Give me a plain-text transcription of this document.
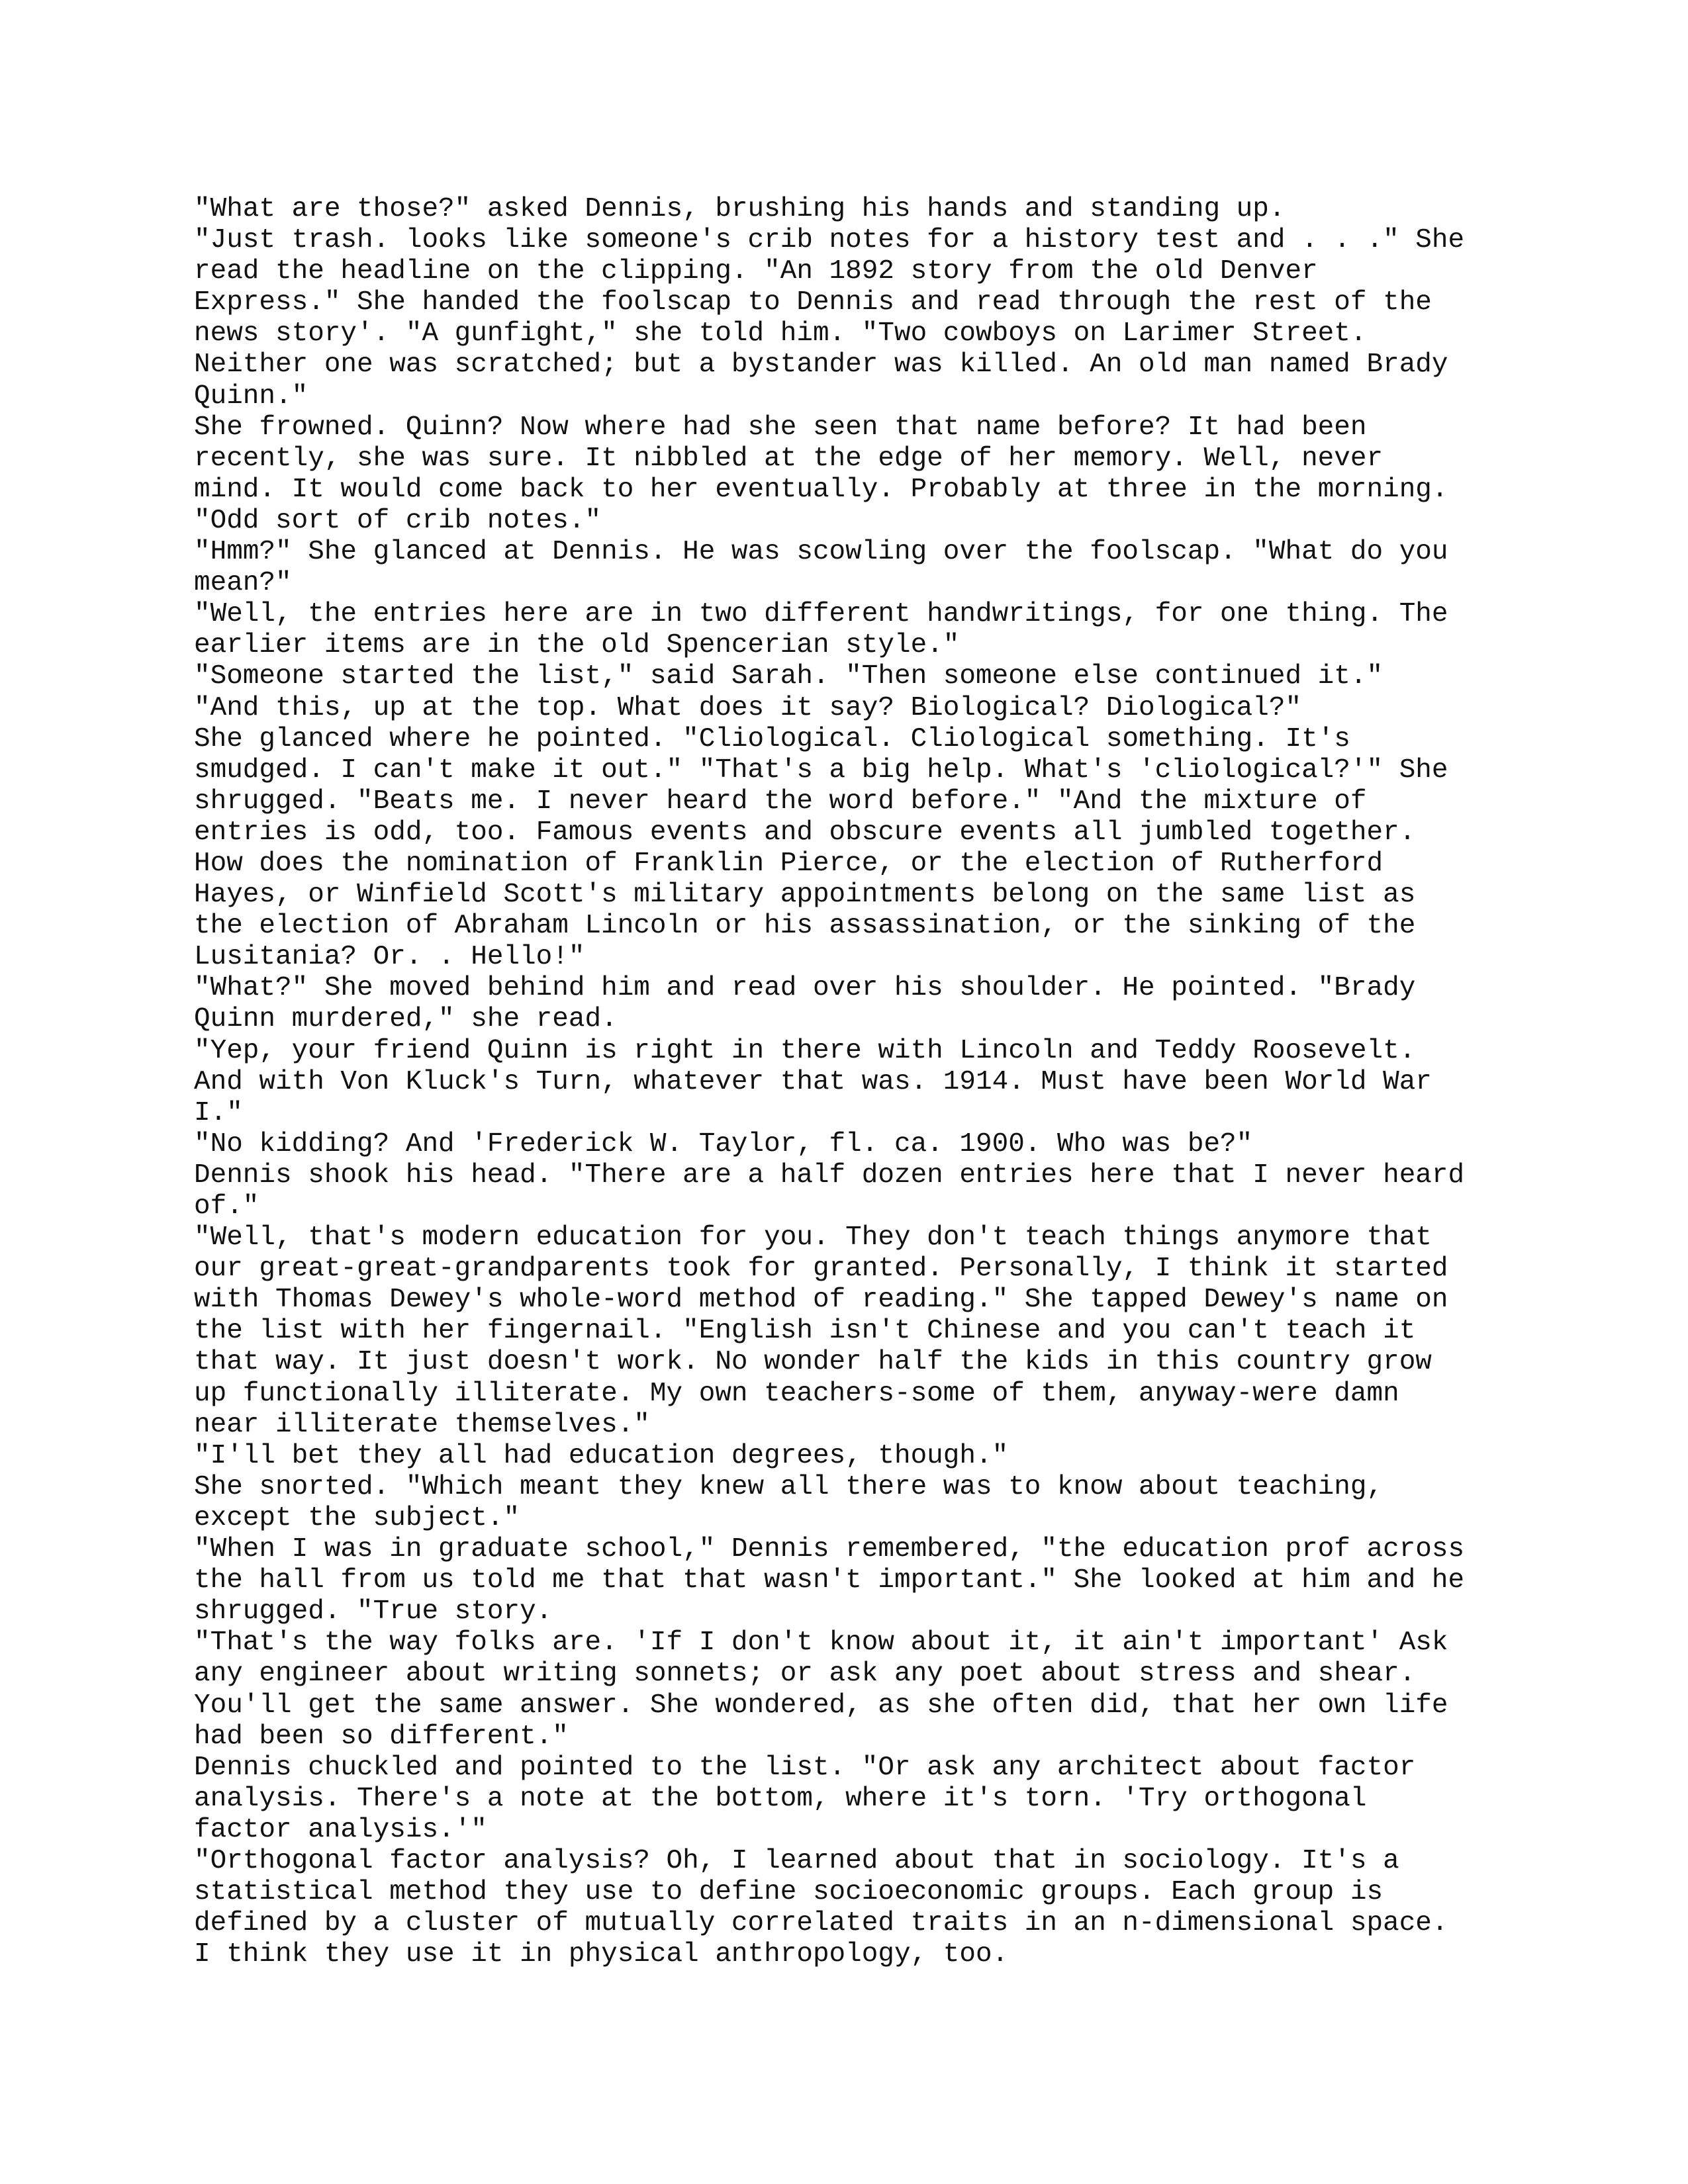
"What are those?" asked Dennis, brushing his hands and standing up.
"Just trash. looks like someone's crib notes for a history test and . . ." She
read the headline on the clipping. "An 1892 story from the old Denver
Express." She handed the foolscap to Dennis and read through the rest of the
news story'. "A gunfight," she told him. "Two cowboys on Larimer Street.
Neither one was scratched; but a bystander was killed. An old man named Brady
Quinn."
She frowned. Quinn? Now where had she seen that name before? It had been
recently, she was sure. It nibbled at the edge of her memory. Well, never
mind. It would come back to her eventually. Probably at three in the morning.
"Odd sort of crib notes."
"Hmm?" She glanced at Dennis. He was scowling over the foolscap. "What do you
mean?"
"Well, the entries here are in two different handwritings, for one thing. The
earlier items are in the old Spencerian style."
"Someone started the list," said Sarah. "Then someone else continued it."
"And this, up at the top. What does it say? Biological? Diological?"
She glanced where he pointed. "Cliological. Cliological something. It's
smudged. I can't make it out." "That's a big help. What's 'cliological?'" She
shrugged. "Beats me. I never heard the word before." "And the mixture of
entries is odd, too. Famous events and obscure events all jumbled together.
How does the nomination of Franklin Pierce, or the election of Rutherford
Hayes, or Winfield Scott's military appointments belong on the same list as
the election of Abraham Lincoln or his assassination, or the sinking of the
Lusitania? Or. . Hello!"
"What?" She moved behind him and read over his shoulder. He pointed. "Brady
Quinn murdered," she read.
"Yep, your friend Quinn is right in there with Lincoln and Teddy Roosevelt.
And with Von Kluck's Turn, whatever that was. 1914. Must have been World War
I."
"No kidding? And 'Frederick W. Taylor, fl. ca. 1900. Who was be?"
Dennis shook his head. "There are a half dozen entries here that I never heard
of."
"Well, that's modern education for you. They don't teach things anymore that
our great-great-grandparents took for granted. Personally, I think it started
with Thomas Dewey's whole-word method of reading." She tapped Dewey's name on
the list with her fingernail. "English isn't Chinese and you can't teach it
that way. It just doesn't work. No wonder half the kids in this country grow
up functionally illiterate. My own teachers-some of them, anyway-were damn
near illiterate themselves."
"I'll bet they all had education degrees, though."
She snorted. "Which meant they knew all there was to know about teaching,
except the subject."
"When I was in graduate school," Dennis remembered, "the education prof across
the hall from us told me that that wasn't important." She looked at him and he
shrugged. "True story.
"That's the way folks are. 'If I don't know about it, it ain't important' Ask
any engineer about writing sonnets; or ask any poet about stress and shear.
You'll get the same answer. She wondered, as she often did, that her own life
had been so different."
Dennis chuckled and pointed to the list. "Or ask any architect about factor
analysis. There's a note at the bottom, where it's torn. 'Try orthogonal
factor analysis.'"
"Orthogonal factor analysis? Oh, I learned about that in sociology. It's a
statistical method they use to define socioeconomic groups. Each group is
defined by a cluster of mutually correlated traits in an n-dimensional space.
I think they use it in physical anthropology, too.
